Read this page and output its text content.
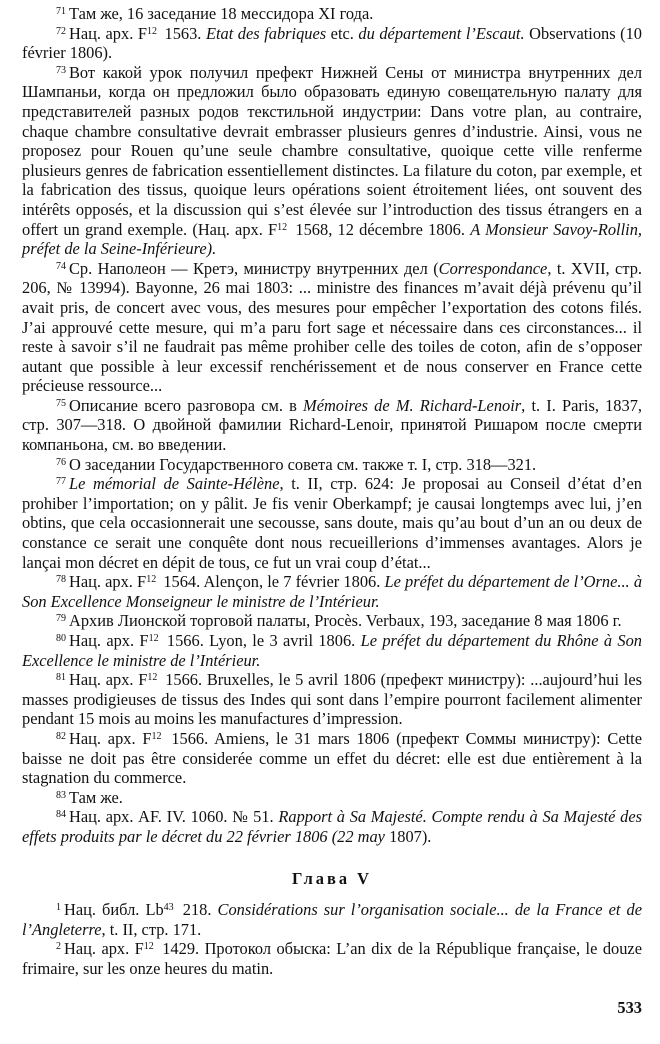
$^{71}$ Там же, 16 заседание 18 мессидора XI года.

$^{72}$ Нац. арх. $F^{12}$ 1563. Etat des fabriques etc. du département l’Escaut. Observations (10 février 1806).

$^{73}$ Вот какой урок получил префект Нижней Сены от министра внутренних дел Шампаньи, когда он предложил было образовать единую совещательную палату для представителей разных родов текстильной индустрии: Dans votre plan, au contraire, chaque chambre consultative devrait embrasser plusieurs genres d’industrie. Ainsi, vous ne proposez pour Rouen qu’une seule chambre consultative, quoique cette ville renferme plusieurs genres de fabrication essentiellement distinctes. La filature du coton, par exemple, et la fabrication des tissus, quoique leurs opérations soient étroitement liées, ont souvent des intérêts opposés, et la discussion qui s’est élevée sur l’introduction des tissus étrangers en a offert un grand exemple. (Нац. арх. $F^{12}$ 1568, 12 décembre 1806. A Monsieur Savoy-Rollin, préfet de la Seine-Inférieure).

$^{74}$ Ср. Наполеон — Кретэ, министру внутренних дел (Correspondance, t. XVII, стр. 206, № 13994). Bayonne, 26 mai 1803: ... ministre des finances m’avait déjà prévenu qu’il avait pris, de concert avec vous, des mesures pour empêcher l’exportation des cotons filés. J’ai approuvé cette mesure, qui m’a paru fort sage et nécessaire dans ces circonstances... il reste à savoir s’il ne faudrait pas même prohiber celle des toiles de coton, afin de s’opposer autant que possible à leur excessif renchérissement et de nous conserver en France cette précieuse ressource...

$^{75}$ Описание всего разговора см. в Mémoires de M. Richard-Lenoir, t. I. Paris, 1837, стр. 307—318. О двойной фамилии Richard-Lenoir, принятой Ришаром после смерти компаньона, см. во введении.

$^{76}$ О заседании Государственного совета см. также т. I, стр. 318—321.

$^{77}$ Le mémorial de Sainte-Hélène, t. II, стр. 624: Je proposai au Conseil d’état d’en prohiber l’importation; on y pâlit. Je fis venir Oberkampf; je causai longtemps avec lui, j’en obtins, que cela occasionnerait une secousse, sans doute, mais qu’au bout d’un an ou deux de constance ce serait une conquête dont nous recueillerions d’immenses avantages. Alors je lançai mon décret en dépit de tous, ce fut un vrai coup d’état...

$^{78}$ Нац. арх. $F^{12}$ 1564. Alençon, le 7 février 1806. Le préfet du département de l’Orne... à Son Excellence Monseigneur le ministre de l’Intérieur.

$^{79}$ Архив Лионской торговой палаты, Procès. Verbaux, 193, заседание 8 мая 1806 г.

$^{80}$ Нац. арх. $F^{12}$ 1566. Lyon, le 3 avril 1806. Le préfet du département du Rhône à Son Excellence le ministre de l’Intérieur.

$^{81}$ Нац. арх. $F^{12}$ 1566. Bruxelles, le 5 avril 1806 (префект министру): ...aujourd’hui les masses prodigieuses de tissus des Indes qui sont dans l’empire pourront facilement alimenter pendant 15 mois au moins les manufactures d’impression.

$^{82}$ Нац. арх. $F^{12}$ 1566. Amiens, le 31 mars 1806 (префект Соммы министру): Cette baisse ne doit pas être considerée comme un effet du décret: elle est due entièrement à la stagnation du commerce.

$^{83}$ Там же.

$^{84}$ Нац. арх. AF. IV. 1060. № 51. Rapport à Sa Majesté. Compte rendu à Sa Majesté des effets produits par le décret du 22 février 1806 (22 may 1807).

Глава V

$^1$ Нац. библ. Lb$^{43}$ 218. Considérations sur l’organisation sociale... de la France et de l’Angleterre, t. II, стр. 171.

$^2$ Нац. арх. $F^{12}$ 1429. Протокол обыска: L’an dix de la République française, le douze frimaire, sur les onze heures du matin.

533
